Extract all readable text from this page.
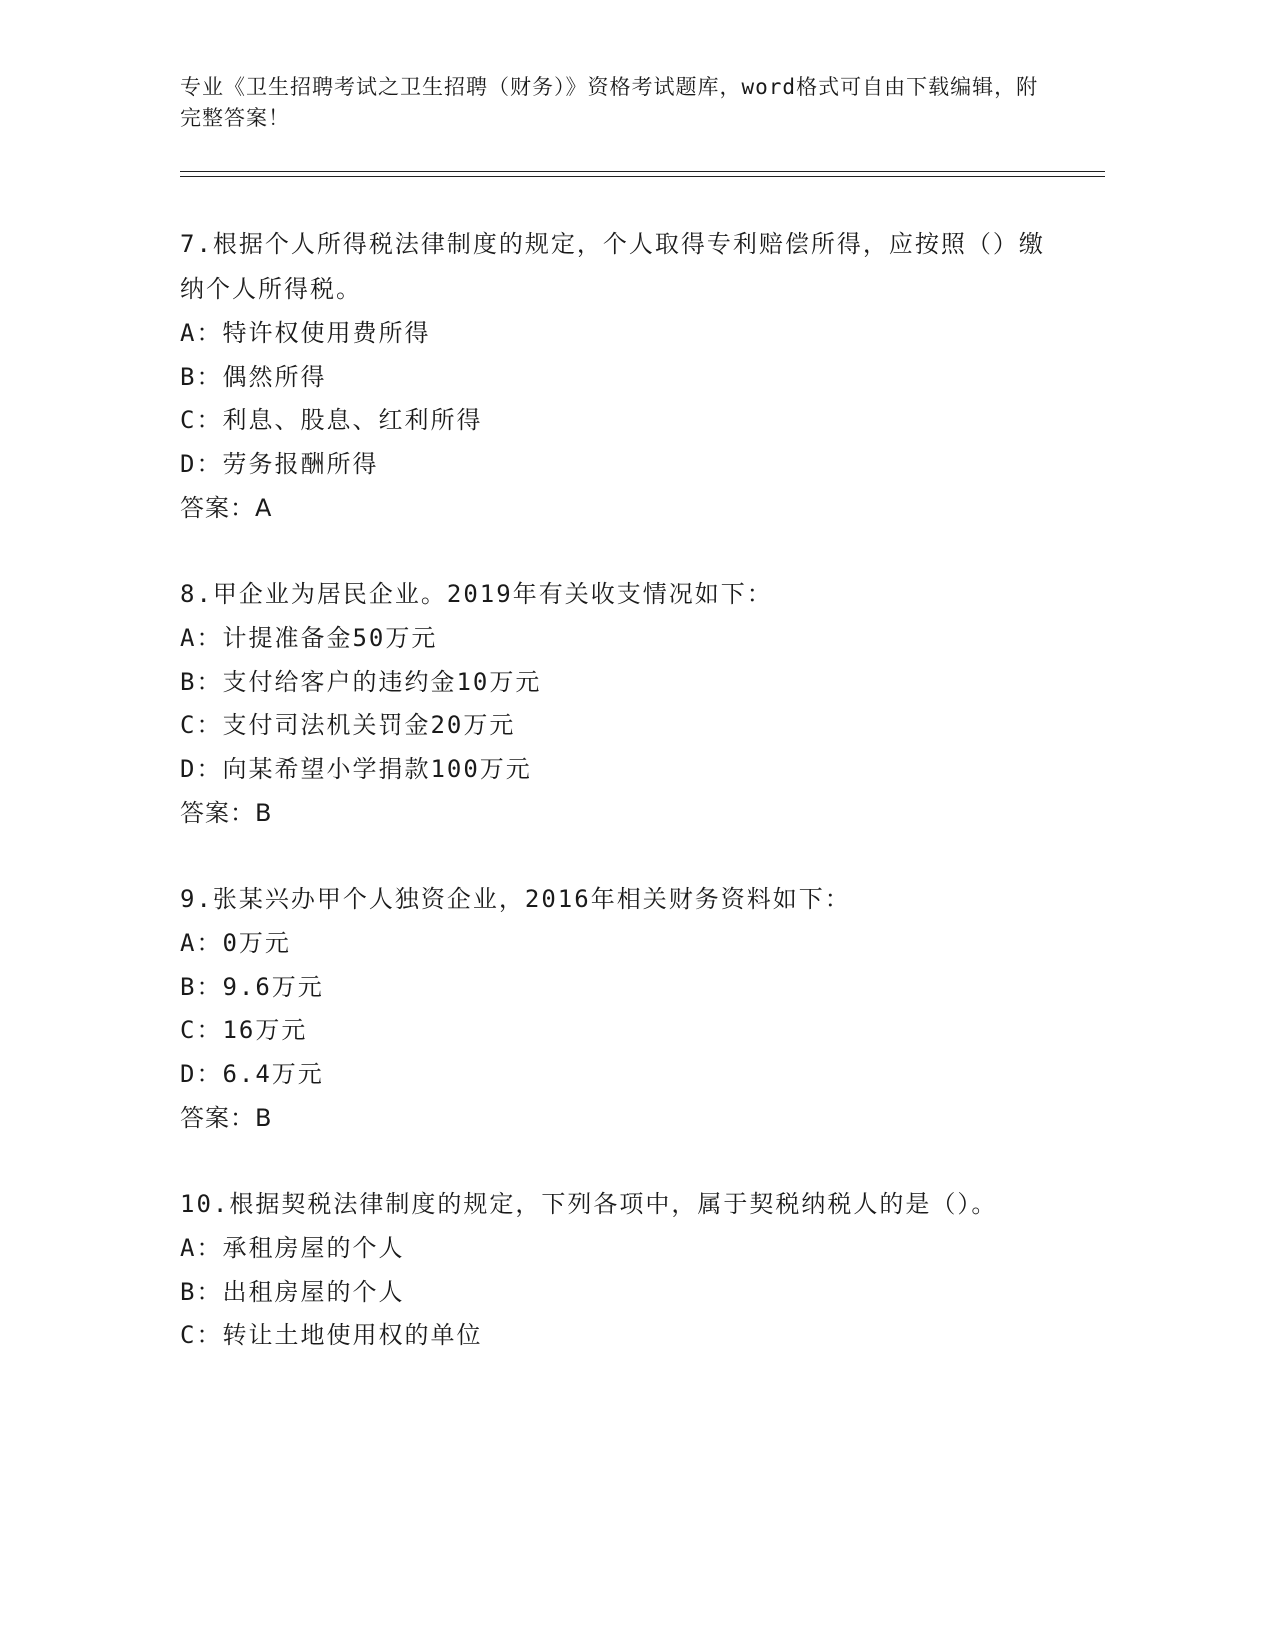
专业《卫生招聘考试之卫生招聘（财务）》资格考试题库，word格式可自由下载编辑，附完整答案！

7.根据个人所得税法律制度的规定，个人取得专利赔偿所得，应按照（）缴纳个人所得税。

A：特许权使用费所得

B：偶然所得

C：利息、股息、红利所得

D：劳务报酬所得

答案：A

8.甲企业为居民企业。2019年有关收支情况如下：

A：计提准备金50万元

B：支付给客户的违约金10万元

C：支付司法机关罚金20万元

D：向某希望小学捐款100万元

答案：B

9.张某兴办甲个人独资企业，2016年相关财务资料如下：

A：0万元

B：9.6万元

C：16万元

D：6.4万元

答案：B

10.根据契税法律制度的规定，下列各项中，属于契税纳税人的是（）。

A：承租房屋的个人

B：出租房屋的个人

C：转让土地使用权的单位
